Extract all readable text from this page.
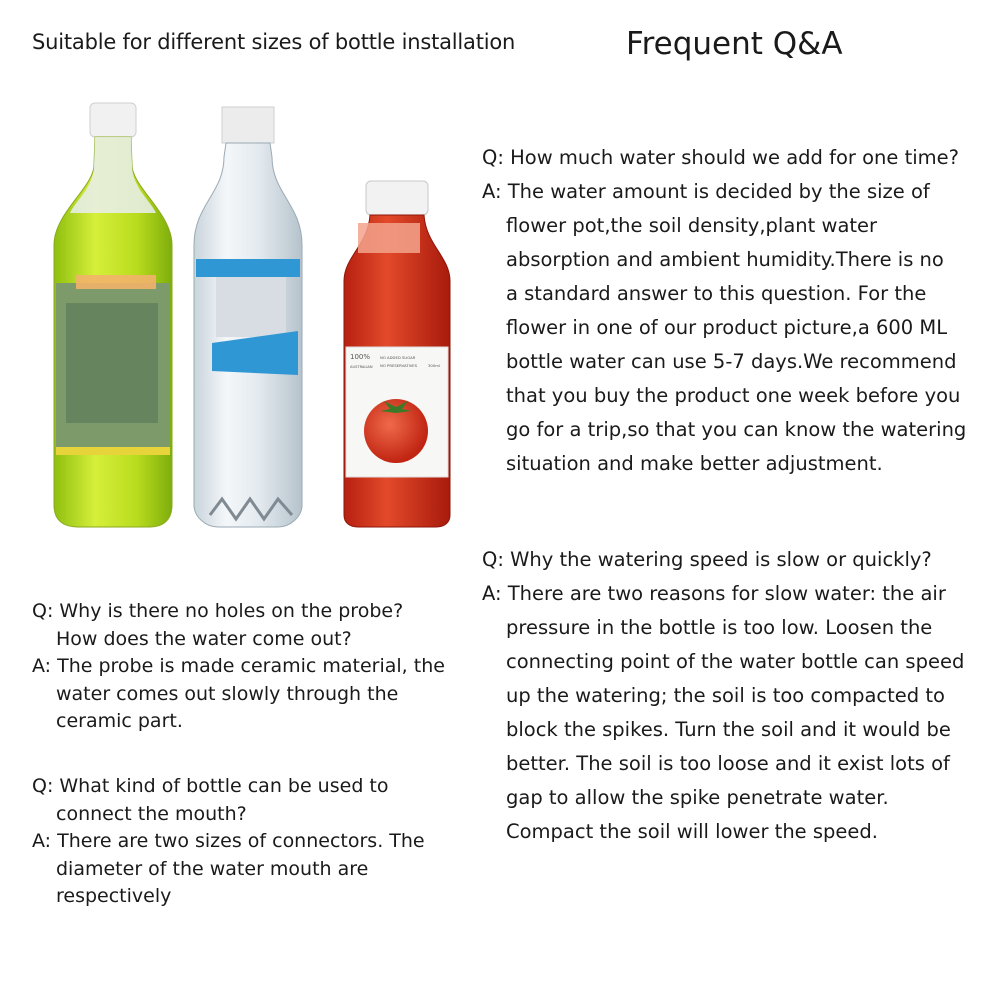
Suitable for different sizes of bottle installation	Frequent Q&A
100%
AUSTRALIAN
NO ADDED SUGAR
NO PRESERVATIVES	300ml
Q: How much water should we add for one time?
A: The water amount is decided by the size of
flower pot,the soil density,plant water
absorption and ambient humidity.There is no
a standard answer to this question. For the
flower in one of our product picture,a 600 ML
bottle water can use 5-7 days.We recommend
that you buy the product one week before you
go for a trip,so that you can know the watering
situation and make better adjustment.
Q: Why the watering speed is slow or quickly?
A: There are two reasons for slow water: the air
pressure in the bottle is too low. Loosen the
connecting point of the water bottle can speed
up the watering; the soil is too compacted to
block the spikes. Turn the soil and it would be
better. The soil is too loose and it exist lots of
gap to allow the spike penetrate water.
Compact the soil will lower the speed.
Q: Why is there no holes on the probe?
How does the water come out?
A: The probe is made ceramic material, the
water comes out slowly through the
ceramic part.
Q: What kind of bottle can be used to
connect the mouth?
A: There are two sizes of connectors. The
diameter of the water mouth are
respectively
